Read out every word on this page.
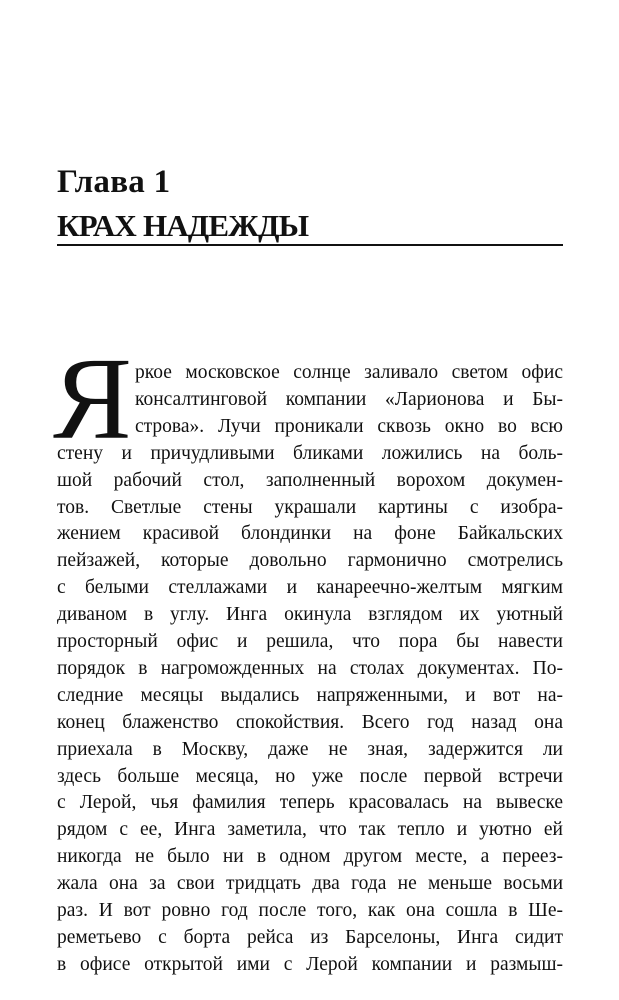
Глава 1
КРАХ НАДЕЖДЫ
Я ркое московское солнце заливало светом офис
консалтинговой компании «Ларионова и Бы-
строва». Лучи проникали сквозь окно во всю
стену и причудливыми бликами ложились на боль-
шой рабочий стол, заполненный ворохом докумен-
тов. Светлые стены украшали картины с изобра-
жением красивой блондинки на фоне Байкальских
пейзажей, которые довольно гармонично смотрелись
с белыми стеллажами и канареечно-желтым мягким
диваном в углу. Инга окинула взглядом их уютный
просторный офис и решила, что пора бы навести
порядок в нагроможденных на столах документах. По-
следние месяцы выдались напряженными, и вот на-
конец блаженство спокойствия. Всего год назад она
приехала в Москву, даже не зная, задержится ли
здесь больше месяца, но уже после первой встречи
с Лерой, чья фамилия теперь красовалась на вывеске
рядом с ее, Инга заметила, что так тепло и уютно ей
никогда не было ни в одном другом месте, а переез-
жала она за свои тридцать два года не меньше восьми
раз. И вот ровно год после того, как она сошла в Ше-
реметьево с борта рейса из Барселоны, Инга сидит
в офисе открытой ими с Лерой компании и размыш-
